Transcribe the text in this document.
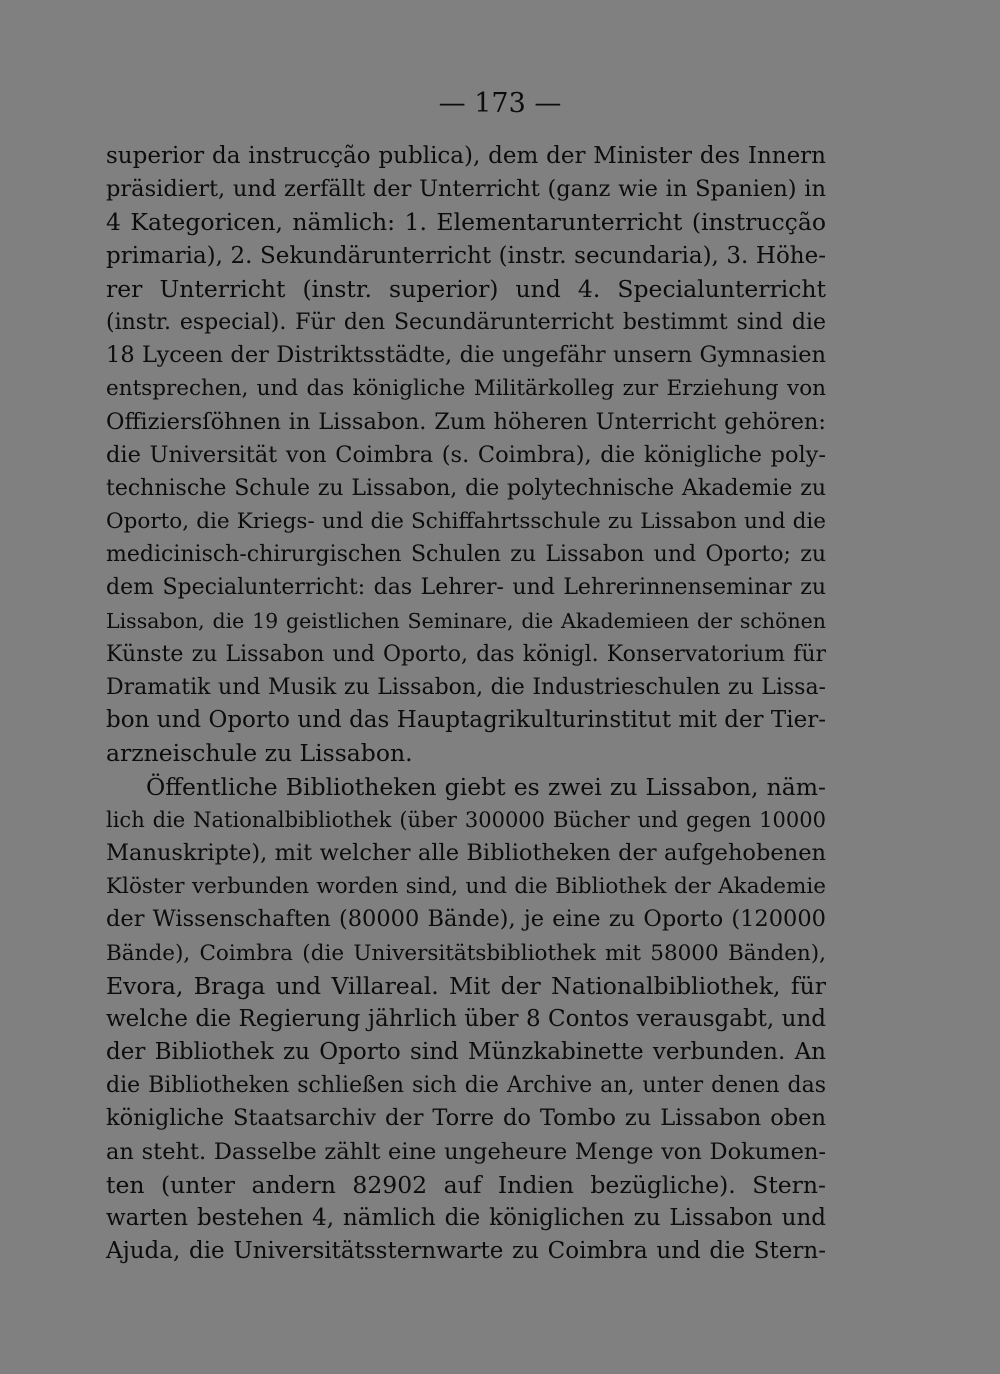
— 173 —
superior da instrucção publica), dem der Minister des Innern
präsidiert, und zerfällt der Unterricht (ganz wie in Spanien) in
4 Kategoricen, nämlich: 1. Elementarunterricht (instrucção
primaria), 2. Sekundärunterricht (instr. secundaria), 3. Höhe-
rer Unterricht (instr. superior) und 4. Specialunterricht
(instr. especial). Für den Secundärunterricht bestimmt sind die
18 Lyceen der Distriktsstädte, die ungefähr unsern Gymnasien
entsprechen, und das königliche Militärkolleg zur Erziehung von
Offiziersſöhnen in Lissabon. Zum höheren Unterricht gehören:
die Universität von Coimbra (s. Coimbra), die königliche poly-
technische Schule zu Lissabon, die polytechnische Akademie zu
Oporto, die Kriegs- und die Schiffahrtsschule zu Lissabon und die
medicinisch-chirurgischen Schulen zu Lissabon und Oporto; zu
dem Specialunterricht: das Lehrer- und Lehrerinnenseminar zu
Lissabon, die 19 geistlichen Seminare, die Akademieen der schönen
Künste zu Lissabon und Oporto, das königl. Konservatorium für
Dramatik und Musik zu Lissabon, die Industrieschulen zu Lissa-
bon und Oporto und das Hauptagrikulturinstitut mit der Tier-
arzneischule zu Lissabon.
Öffentliche Bibliotheken giebt es zwei zu Lissabon, näm-
lich die Nationalbibliothek (über 300000 Bücher und gegen 10000
Manuskripte), mit welcher alle Bibliotheken der aufgehobenen
Klöster verbunden worden sind, und die Bibliothek der Akademie
der Wissenschaften (80000 Bände), je eine zu Oporto (120000
Bände), Coimbra (die Universitätsbibliothek mit 58000 Bänden),
Evora, Braga und Villareal. Mit der Nationalbibliothek, für
welche die Regierung jährlich über 8 Contos verausgabt, und
der Bibliothek zu Oporto sind Münzkabinette verbunden. An
die Bibliotheken schließen sich die Archive an, unter denen das
königliche Staatsarchiv der Torre do Tombo zu Lissabon oben
an steht. Dasselbe zählt eine ungeheure Menge von Dokumen-
ten (unter andern 82902 auf Indien bezügliche). Stern-
warten bestehen 4, nämlich die königlichen zu Lissabon und
Ajuda, die Universitätssternwarte zu Coimbra und die Stern-
